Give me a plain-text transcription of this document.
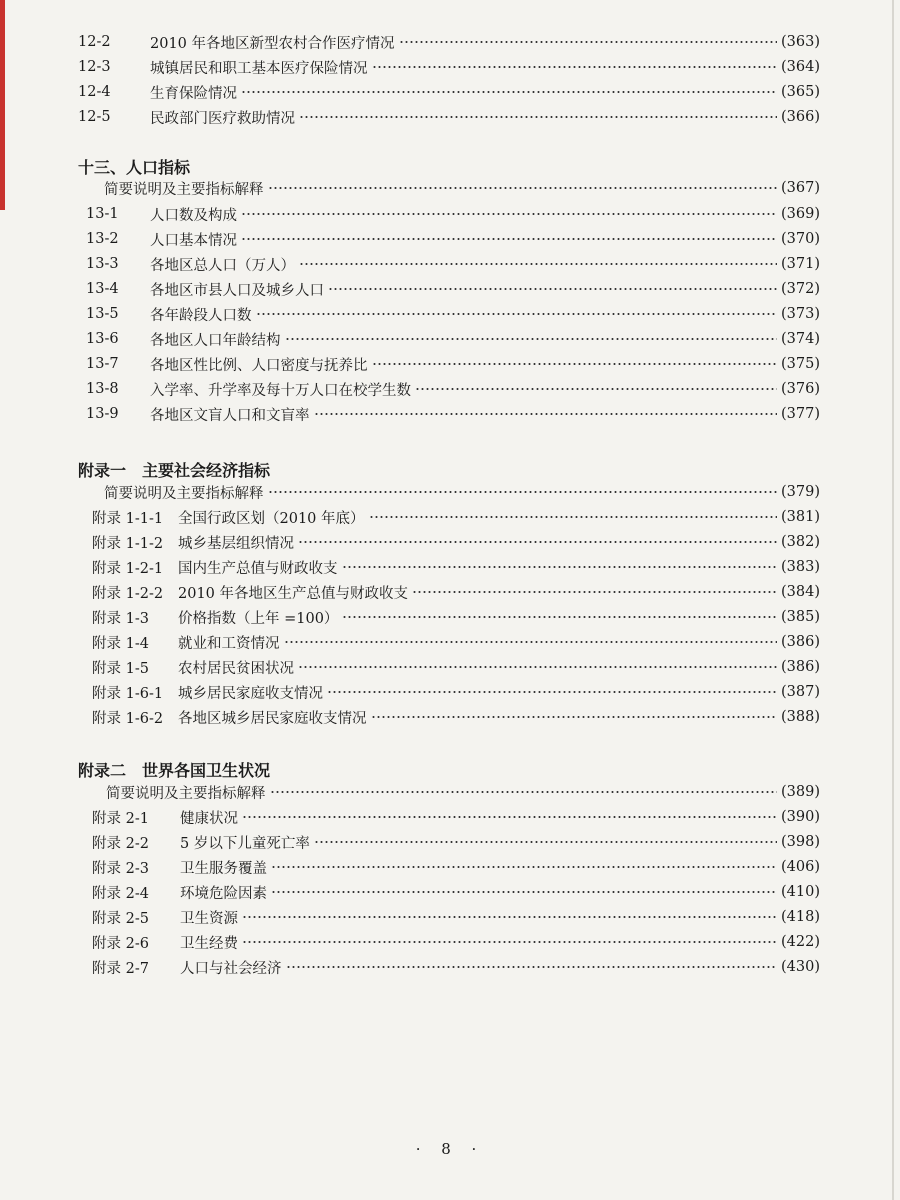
12-2	2010 年各地区新型农村合作医疗情况	(363)
12-3	城镇居民和职工基本医疗保险情况	(364)
12-4	生育保险情况	(365)
12-5	民政部门医疗救助情况	(366)
十三、人口指标
简要说明及主要指标解释	(367)
13-1	人口数及构成	(369)
13-2	人口基本情况	(370)
13-3	各地区总人口（万人）	(371)
13-4	各地区市县人口及城乡人口	(372)
13-5	各年龄段人口数	(373)
13-6	各地区人口年龄结构	(374)
13-7	各地区性比例、人口密度与抚养比	(375)
13-8	入学率、升学率及每十万人口在校学生数	(376)
13-9	各地区文盲人口和文盲率	(377)
附录一　主要社会经济指标
简要说明及主要指标解释	(379)
附录 1-1-1	全国行政区划（2010 年底）	(381)
附录 1-1-2	城乡基层组织情况	(382)
附录 1-2-1	国内生产总值与财政收支	(383)
附录 1-2-2	2010 年各地区生产总值与财政收支	(384)
附录 1-3	价格指数（上年 =100）	(385)
附录 1-4	就业和工资情况	(386)
附录 1-5	农村居民贫困状况	(386)
附录 1-6-1	城乡居民家庭收支情况	(387)
附录 1-6-2	各地区城乡居民家庭收支情况	(388)
附录二　世界各国卫生状况
简要说明及主要指标解释	(389)
附录 2-1	健康状况	(390)
附录 2-2	5 岁以下儿童死亡率	(398)
附录 2-3	卫生服务覆盖	(406)
附录 2-4	环境危险因素	(410)
附录 2-5	卫生资源	(418)
附录 2-6	卫生经费	(422)
附录 2-7	人口与社会经济	(430)
· 8 ·
